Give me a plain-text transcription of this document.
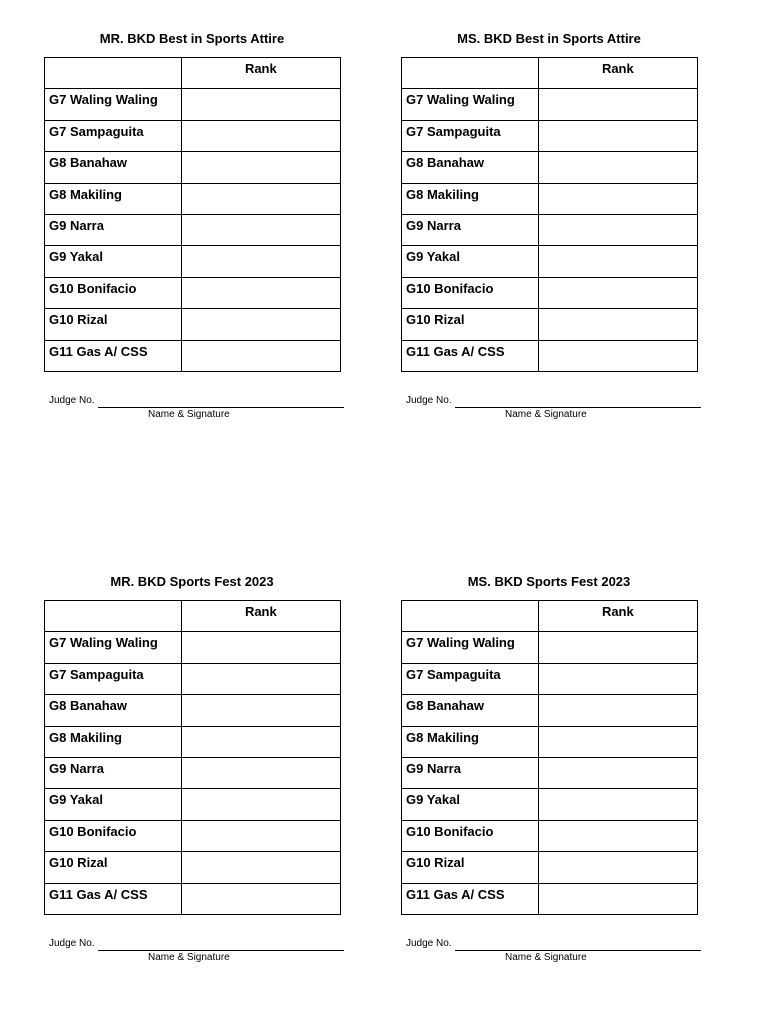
MR. BKD Best in Sports Attire
	Rank
G7 Waling Waling	
G7 Sampaguita	
G8 Banahaw	
G8 Makiling	
G9 Narra	
G9 Yakal	
G10 Bonifacio	
G10 Rizal	
G11 Gas A/ CSS	
Judge No.
Name & Signature
MS. BKD Best in Sports Attire
	Rank
G7 Waling Waling	
G7 Sampaguita	
G8 Banahaw	
G8 Makiling	
G9 Narra	
G9 Yakal	
G10 Bonifacio	
G10 Rizal	
G11 Gas A/ CSS	
Judge No.
Name & Signature
MR. BKD Sports Fest 2023
	Rank
G7 Waling Waling	
G7 Sampaguita	
G8 Banahaw	
G8 Makiling	
G9 Narra	
G9 Yakal	
G10 Bonifacio	
G10 Rizal	
G11 Gas A/ CSS	
Judge No.
Name & Signature
MS. BKD Sports Fest 2023
	Rank
G7 Waling Waling	
G7 Sampaguita	
G8 Banahaw	
G8 Makiling	
G9 Narra	
G9 Yakal	
G10 Bonifacio	
G10 Rizal	
G11 Gas A/ CSS	
Judge No.
Name & Signature
